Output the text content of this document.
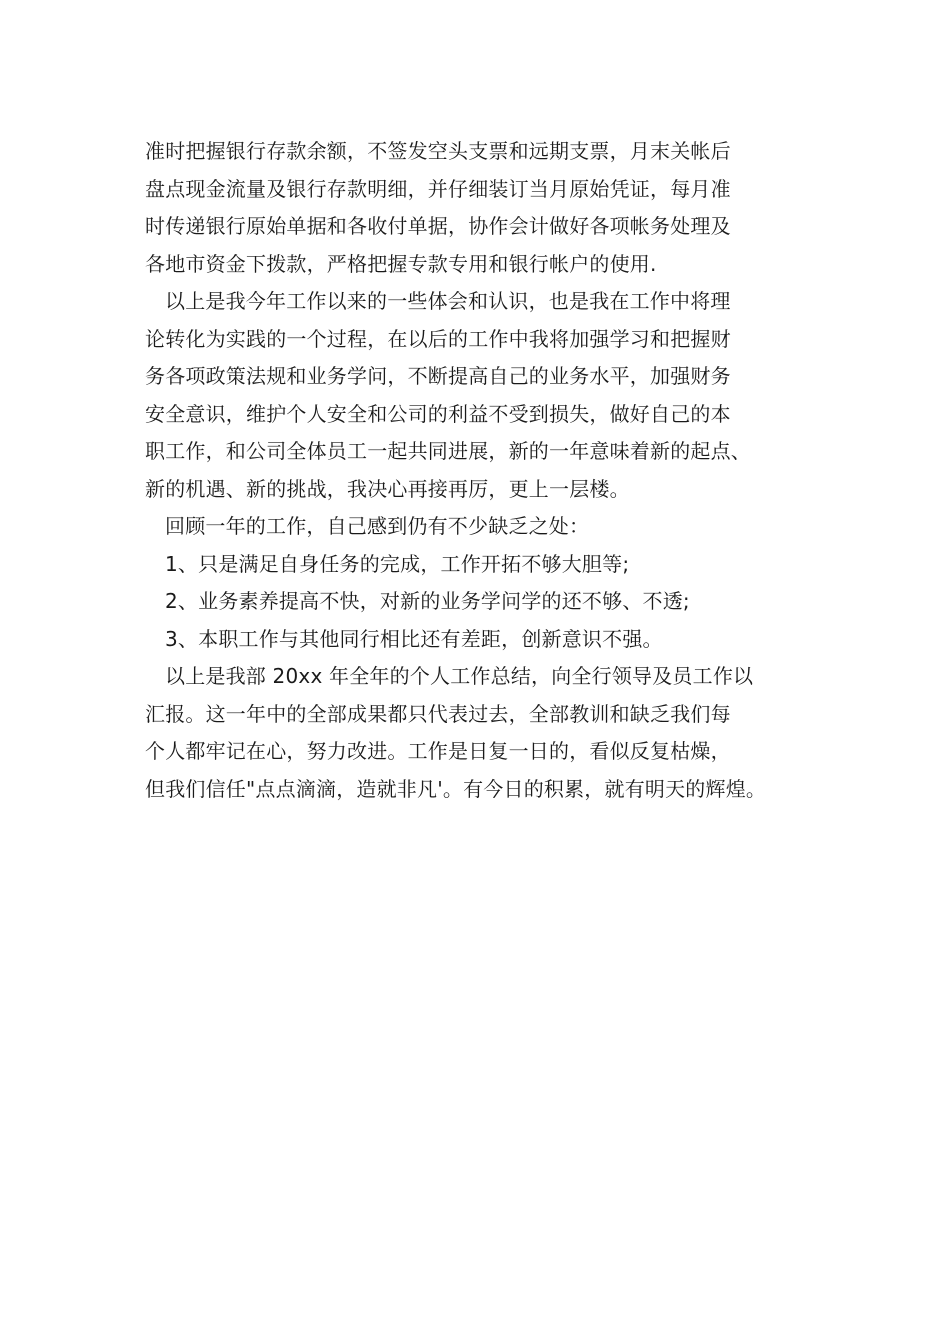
准时把握银行存款余额，不签发空头支票和远期支票，月末关帐后
盘点现金流量及银行存款明细，并仔细装订当月原始凭证，每月准
时传递银行原始单据和各收付单据，协作会计做好各项帐务处理及
各地市资金下拨款，严格把握专款专用和银行帐户的使用.
以上是我今年工作以来的一些体会和认识，也是我在工作中将理
论转化为实践的一个过程，在以后的工作中我将加强学习和把握财
务各项政策法规和业务学问，不断提高自己的业务水平，加强财务
安全意识，维护个人安全和公司的利益不受到损失，做好自己的本
职工作，和公司全体员工一起共同进展，新的一年意味着新的起点、
新的机遇、新的挑战，我决心再接再厉，更上一层楼。
回顾一年的工作，自己感到仍有不少缺乏之处：
1、只是满足自身任务的完成，工作开拓不够大胆等;
2、业务素养提高不快，对新的业务学问学的还不够、不透;
3、本职工作与其他同行相比还有差距，创新意识不强。
以上是我部 20xx 年全年的个人工作总结，向全行领导及员工作以
汇报。这一年中的全部成果都只代表过去，全部教训和缺乏我们每
个人都牢记在心，努力改进。工作是日复一日的，看似反复枯燥，
但我们信任"点点滴滴，造就非凡'。有今日的积累，就有明天的辉煌。
